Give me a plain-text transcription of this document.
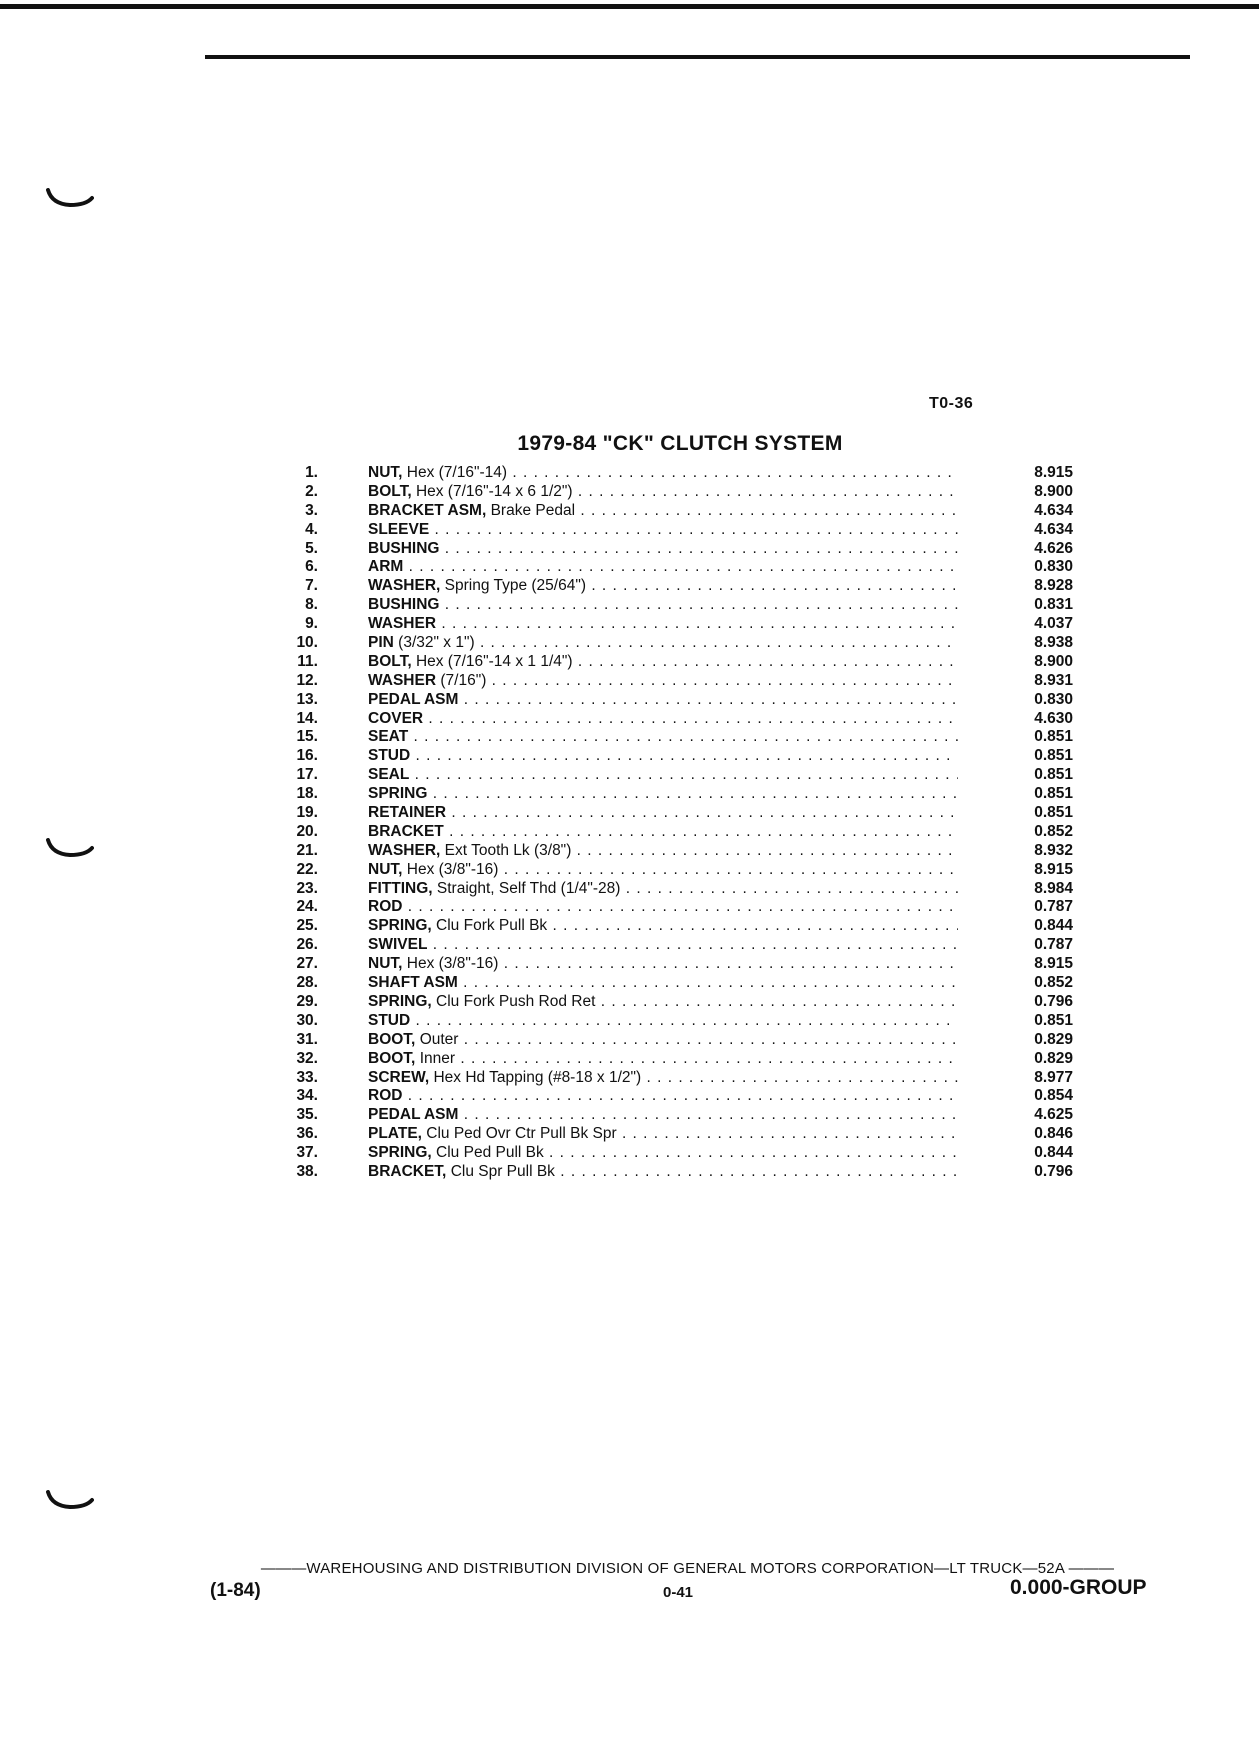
T0-36
1979-84 "CK" CLUTCH SYSTEM
1.	NUT, Hex (7/16"-14) . . .	8.915
2.	BOLT, Hex (7/16"-14 x 6 1/2") . . .	8.900
3.	BRACKET ASM, Brake Pedal . . .	4.634
4.	SLEEVE . . .	4.634
5.	BUSHING . . .	4.626
6.	ARM . . .	0.830
7.	WASHER, Spring Type (25/64") . . .	8.928
8.	BUSHING . . .	0.831
9.	WASHER . . .	4.037
10.	PIN (3/32" x 1") . . .	8.938
11.	BOLT, Hex (7/16"-14 x 1 1/4") . . .	8.900
12.	WASHER (7/16") . . .	8.931
13.	PEDAL ASM . . .	0.830
14.	COVER . . .	4.630
15.	SEAT . . .	0.851
16.	STUD . . .	0.851
17.	SEAL . . .	0.851
18.	SPRING . . .	0.851
19.	RETAINER . . .	0.851
20.	BRACKET . . .	0.852
21.	WASHER, Ext Tooth Lk (3/8") . . .	8.932
22.	NUT, Hex (3/8"-16) . . .	8.915
23.	FITTING, Straight, Self Thd (1/4"-28) . . .	8.984
24.	ROD . . .	0.787
25.	SPRING, Clu Fork Pull Bk . . .	0.844
26.	SWIVEL . . .	0.787
27.	NUT, Hex (3/8"-16) . . .	8.915
28.	SHAFT ASM . . .	0.852
29.	SPRING, Clu Fork Push Rod Ret . . .	0.796
30.	STUD . . .	0.851
31.	BOOT, Outer . . .	0.829
32.	BOOT, Inner . . .	0.829
33.	SCREW, Hex Hd Tapping (#8-18 x 1/2") . . .	8.977
34.	ROD . . .	0.854
35.	PEDAL ASM . . .	4.625
36.	PLATE, Clu Ped Ovr Ctr Pull Bk Spr . . .	0.846
37.	SPRING, Clu Ped Pull Bk . . .	0.844
38.	BRACKET, Clu Spr Pull Bk . . .	0.796
———WAREHOUSING AND DISTRIBUTION DIVISION OF GENERAL MOTORS CORPORATION—LT TRUCK—52A ———
(1-84)	0-41	0.000-GROUP
